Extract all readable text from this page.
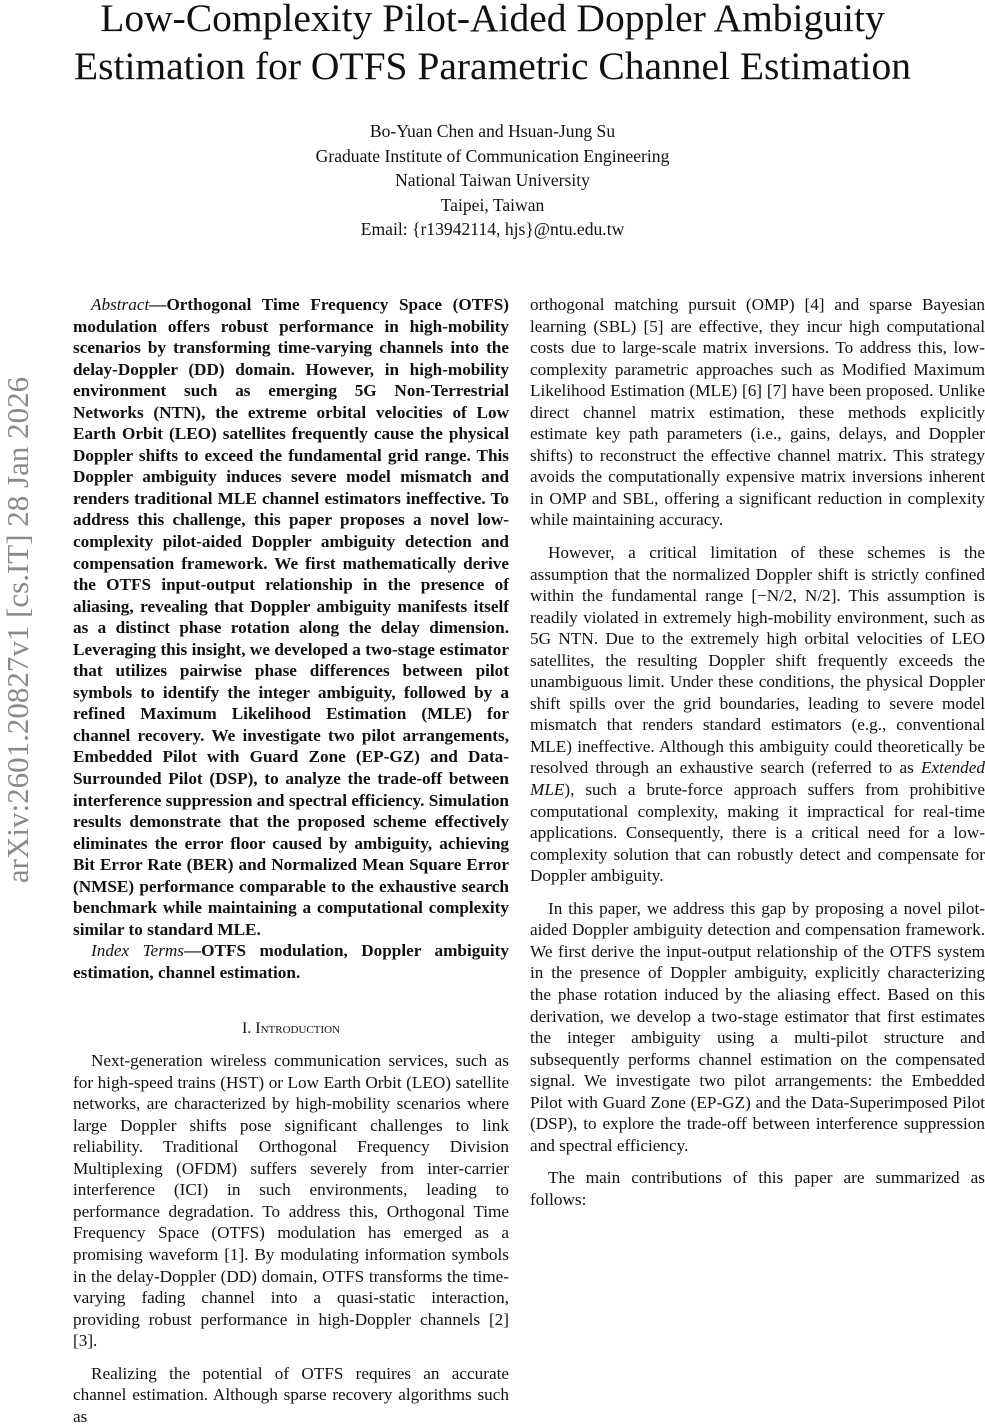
Low-Complexity Pilot-Aided Doppler Ambiguity
Estimation for OTFS Parametric Channel Estimation
Bo-Yuan Chen and Hsuan-Jung Su
Graduate Institute of Communication Engineering
National Taiwan University
Taipei, Taiwan
Email: {r13942114, hjs}@ntu.edu.tw
arXiv:2601.20827v1 [cs.IT] 28 Jan 2026

Abstract—Orthogonal Time Frequency Space (OTFS) modulation offers robust performance in high-mobility scenarios by transforming time-varying channels into the delay-Doppler (DD) domain. However, in high-mobility environment such as emerging 5G Non-Terrestrial Networks (NTN), the extreme orbital velocities of Low Earth Orbit (LEO) satellites frequently cause the physical Doppler shifts to exceed the fundamental grid range. This Doppler ambiguity induces severe model mismatch and renders traditional MLE channel estimators ineffective. To address this challenge, this paper proposes a novel low-complexity pilot-aided Doppler ambiguity detection and compensation framework. We first mathematically derive the OTFS input-output relationship in the presence of aliasing, revealing that Doppler ambiguity manifests itself as a distinct phase rotation along the delay dimension. Leveraging this insight, we developed a two-stage estimator that utilizes pairwise phase differences between pilot symbols to identify the integer ambiguity, followed by a refined Maximum Likelihood Estimation (MLE) for channel recovery. We investigate two pilot arrangements, Embedded Pilot with Guard Zone (EP-GZ) and Data-Surrounded Pilot (DSP), to analyze the trade-off between interference suppression and spectral efficiency. Simulation results demonstrate that the proposed scheme effectively eliminates the error floor caused by ambiguity, achieving Bit Error Rate (BER) and Normalized Mean Square Error (NMSE) performance comparable to the exhaustive search benchmark while maintaining a computational complexity similar to standard MLE.

Index Terms—OTFS modulation, Doppler ambiguity estimation, channel estimation.

I. Introduction

Next-generation wireless communication services, such as for high-speed trains (HST) or Low Earth Orbit (LEO) satellite networks, are characterized by high-mobility scenarios where large Doppler shifts pose significant challenges to link reliability. Traditional Orthogonal Frequency Division Multiplexing (OFDM) suffers severely from inter-carrier interference (ICI) in such environments, leading to performance degradation. To address this, Orthogonal Time Frequency Space (OTFS) modulation has emerged as a promising waveform [1]. By modulating information symbols in the delay-Doppler (DD) domain, OTFS transforms the time-varying fading channel into a quasi-static interaction, providing robust performance in high-Doppler channels [2] [3].

Realizing the potential of OTFS requires an accurate channel estimation. Although sparse recovery algorithms such as

orthogonal matching pursuit (OMP) [4] and sparse Bayesian learning (SBL) [5] are effective, they incur high computational costs due to large-scale matrix inversions. To address this, low-complexity parametric approaches such as Modified Maximum Likelihood Estimation (MLE) [6] [7] have been proposed. Unlike direct channel matrix estimation, these methods explicitly estimate key path parameters (i.e., gains, delays, and Doppler shifts) to reconstruct the effective channel matrix. This strategy avoids the computationally expensive matrix inversions inherent in OMP and SBL, offering a significant reduction in complexity while maintaining accuracy.

However, a critical limitation of these schemes is the assumption that the normalized Doppler shift is strictly confined within the fundamental range [−N/2, N/2]. This assumption is readily violated in extremely high-mobility environment, such as 5G NTN. Due to the extremely high orbital velocities of LEO satellites, the resulting Doppler shift frequently exceeds the unambiguous limit. Under these conditions, the physical Doppler shift spills over the grid boundaries, leading to severe model mismatch that renders standard estimators (e.g., conventional MLE) ineffective. Although this ambiguity could theoretically be resolved through an exhaustive search (referred to as Extended MLE), such a brute-force approach suffers from prohibitive computational complexity, making it impractical for real-time applications. Consequently, there is a critical need for a low-complexity solution that can robustly detect and compensate for Doppler ambiguity.

In this paper, we address this gap by proposing a novel pilot-aided Doppler ambiguity detection and compensation framework. We first derive the input-output relationship of the OTFS system in the presence of Doppler ambiguity, explicitly characterizing the phase rotation induced by the aliasing effect. Based on this derivation, we develop a two-stage estimator that first estimates the integer ambiguity using a multi-pilot structure and subsequently performs channel estimation on the compensated signal. We investigate two pilot arrangements: the Embedded Pilot with Guard Zone (EP-GZ) and the Data-Superimposed Pilot (DSP), to explore the trade-off between interference suppression and spectral efficiency.

The main contributions of this paper are summarized as follows:
